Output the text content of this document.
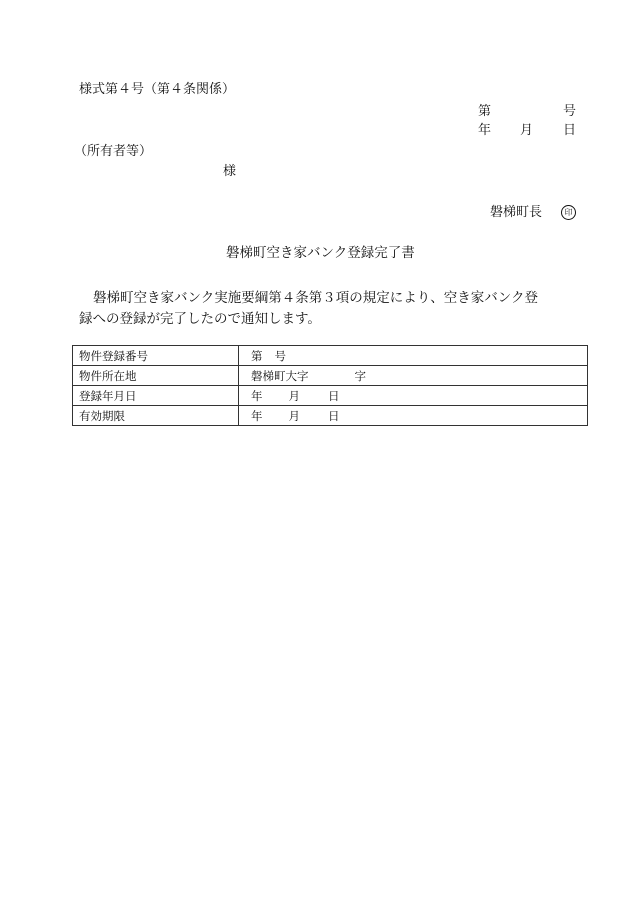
様式第４号（第４条関係）
第	号
年 月 日
（所有者等）
様
磐梯町長	印
磐梯町空き家バンク登録完了書

磐梯町空き家バンク実施要綱第４条第３項の規定により、空き家バンク登

録への登録が完了したので通知します。

物件登録番号	第 号
物件所在地	磐梯町大字 字
登録年月日	年 月 日
有効期限	年 月 日
